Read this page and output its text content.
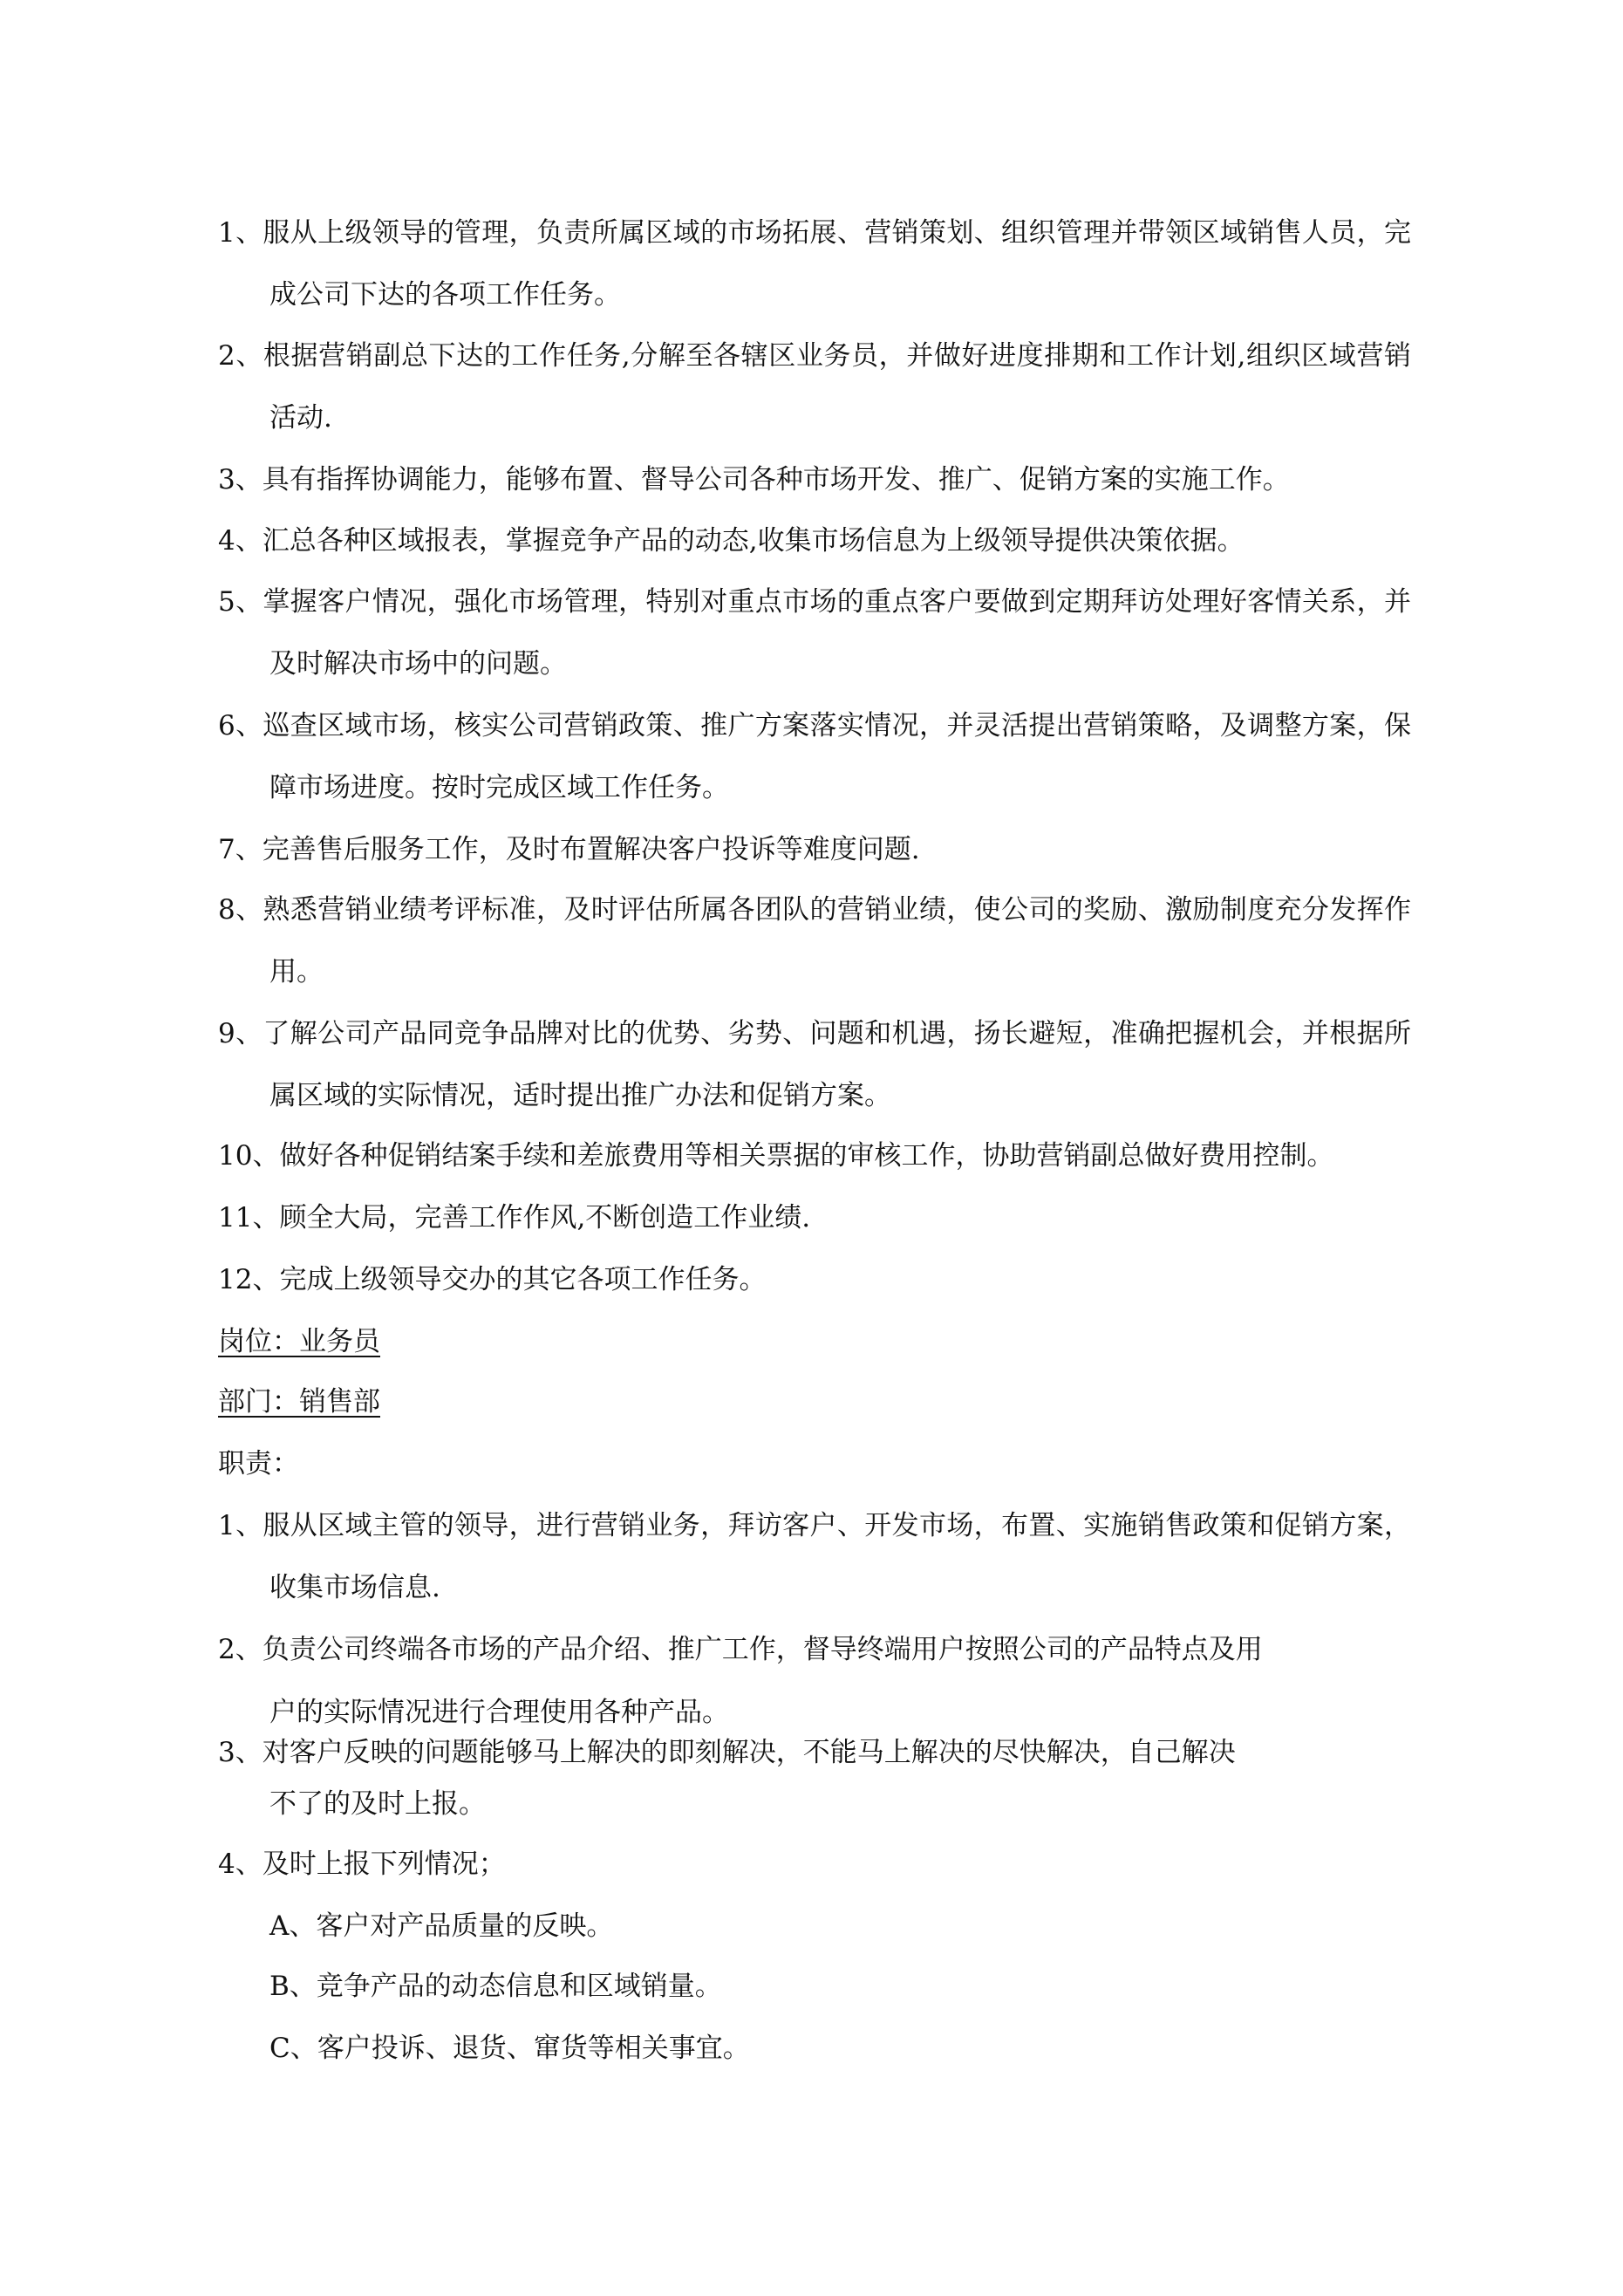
1、服从上级领导的管理，负责所属区域的市场拓展、营销策划、组织管理并带领区域销售人员，完
成公司下达的各项工作任务。
2、根据营销副总下达的工作任务,分解至各辖区业务员，并做好进度排期和工作计划,组织区域营销
活动.
3、具有指挥协调能力，能够布置、督导公司各种市场开发、推广、促销方案的实施工作。
4、汇总各种区域报表，掌握竞争产品的动态,收集市场信息为上级领导提供决策依据。
5、掌握客户情况，强化市场管理，特别对重点市场的重点客户要做到定期拜访处理好客情关系，并
及时解决市场中的问题。
6、巡查区域市场，核实公司营销政策、推广方案落实情况，并灵活提出营销策略，及调整方案，保
障市场进度。按时完成区域工作任务。
7、完善售后服务工作，及时布置解决客户投诉等难度问题.
8、熟悉营销业绩考评标准，及时评估所属各团队的营销业绩，使公司的奖励、激励制度充分发挥作
用。
9、了解公司产品同竞争品牌对比的优势、劣势、问题和机遇，扬长避短，准确把握机会，并根据所
属区域的实际情况，适时提出推广办法和促销方案。
10、做好各种促销结案手续和差旅费用等相关票据的审核工作，协助营销副总做好费用控制。
11、顾全大局，完善工作作风,不断创造工作业绩.
12、完成上级领导交办的其它各项工作任务。
岗位：业务员
部门：销售部
职责：
1、服从区域主管的领导，进行营销业务，拜访客户、开发市场，布置、实施销售政策和促销方案，
收集市场信息.
2、负责公司终端各市场的产品介绍、推广工作，督导终端用户按照公司的产品特点及用
户的实际情况进行合理使用各种产品。
3、对客户反映的问题能够马上解决的即刻解决，不能马上解决的尽快解决，自己解决
不了的及时上报。
4、及时上报下列情况；
A、客户对产品质量的反映。
B、竞争产品的动态信息和区域销量。
C、客户投诉、退货、窜货等相关事宜。
